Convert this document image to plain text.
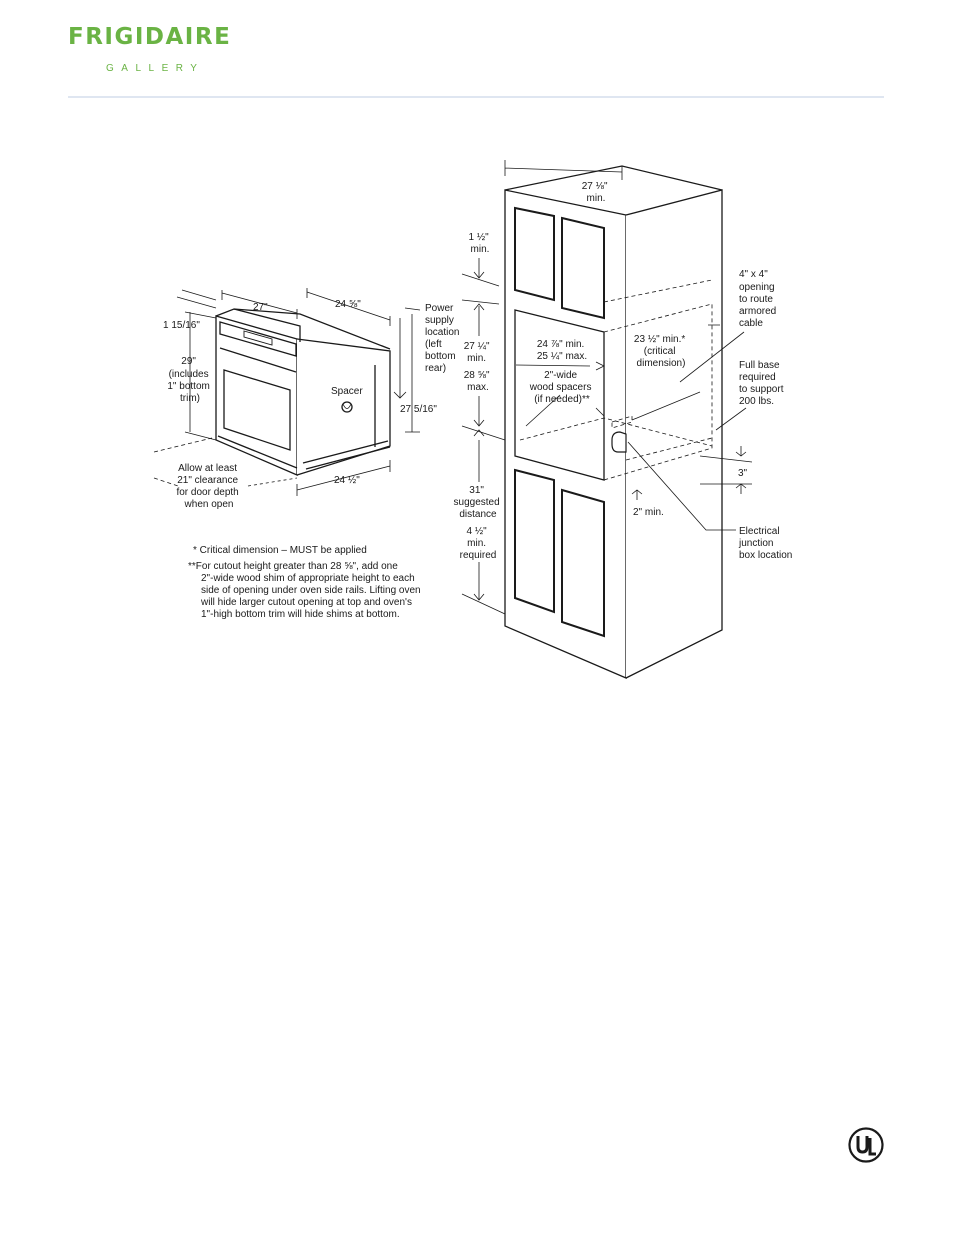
FRIGIDAIRE
GALLERY
27"	24 ⅝"
1 15/16"
29" (includes 1" bottom trim)
Spacer
Power supply location (left bottom rear)
27 5/16"
Allow at least 21" clearance for door depth when open
24 ½"
27 ⅛" min.
1 ½" min.
27 ¼" min. 28 ⅝" max.
24 ⅞" min. 25 ¼" max.
2"-wide wood spacers (if needed)**
23 ½" min.* (critical dimension)
4" x 4" opening to route armored cable
Full base required to support 200 lbs.
3"
2" min.
Electrical junction box location
31" suggested distance
4 ½" min. required
* Critical dimension – MUST be applied
**For cutout height greater than 28 ⅝", add one
2"-wide wood shim of appropriate height to each
side of opening under oven side rails. Lifting oven
will hide larger cutout opening at top and oven's
1"-high bottom trim will hide shims at bottom.
